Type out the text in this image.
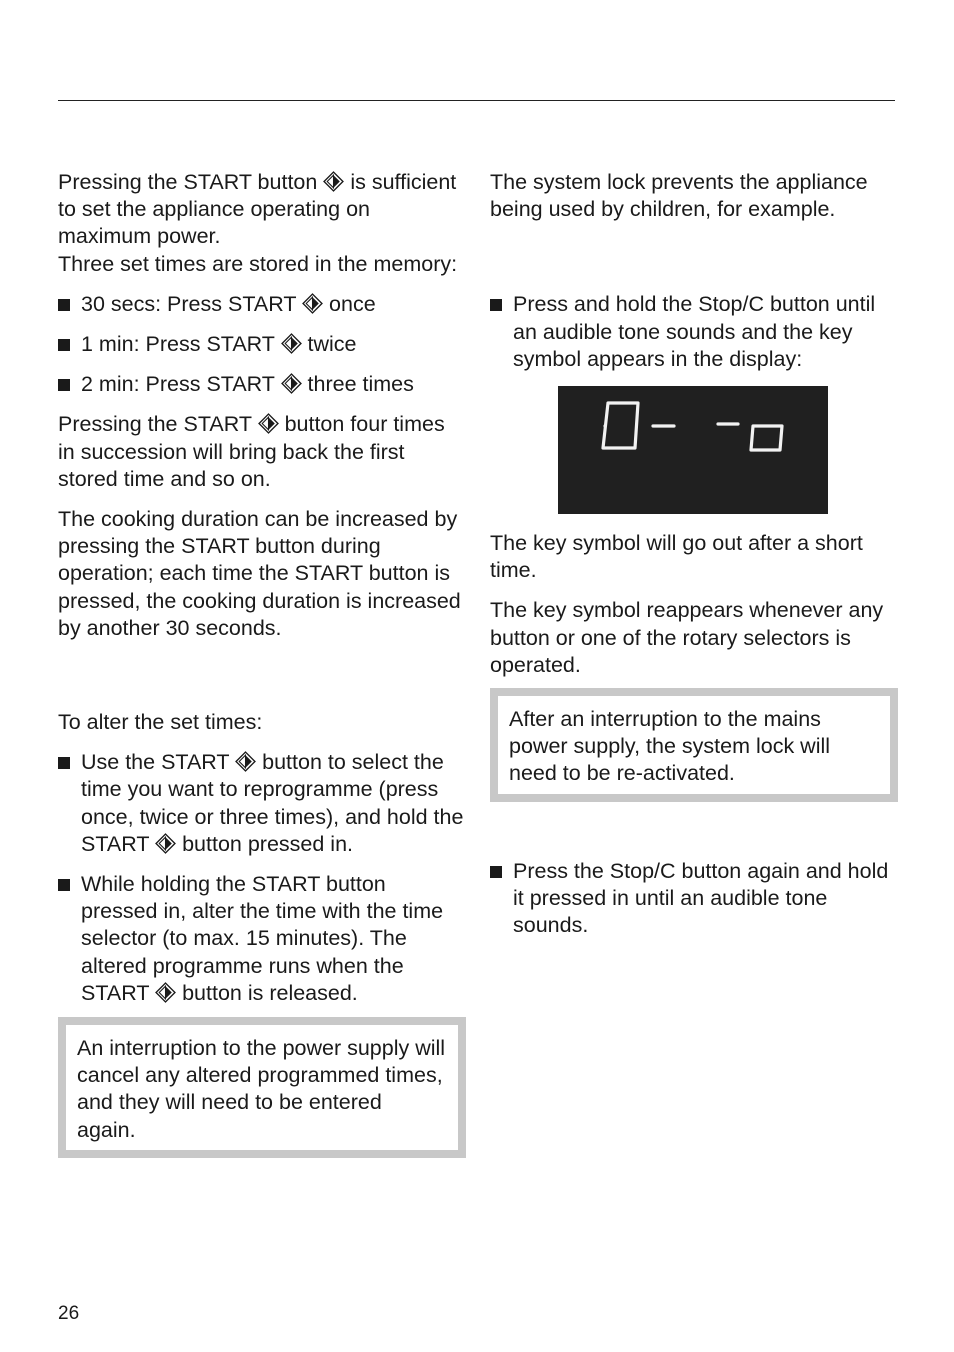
Pressing the START button is sufficient to set the appliance operating on maximum power.

Three set times are stored in the memory:

30 secs: Press START once
1 min: Press START twice
2 min: Press START three times

Pressing the START button four times in succession will bring back the first stored time and so on.

The cooking duration can be increased by pressing the START button during operation; each time the START button is pressed, the cooking duration is increased by another 30 seconds.

To alter the set times:

Use the START button to select the time you want to reprogramme (press once, twice or three times), and hold the START button pressed in.
While holding the START button pressed in, alter the time with the time selector (to max. 15 minutes). The altered programme runs when the START button is released.

An interruption to the power supply will cancel any altered programmed times, and they will need to be entered again.

The system lock prevents the appliance being used by children, for example.

Press and hold the Stop/C button until an audible tone sounds and the key symbol appears in the display:

The key symbol will go out after a short time.

The key symbol reappears whenever any button or one of the rotary selectors is operated.

After an interruption to the mains power supply, the system lock will need to be re-activated.

Press the Stop/C button again and hold it pressed in until an audible tone sounds.
26
